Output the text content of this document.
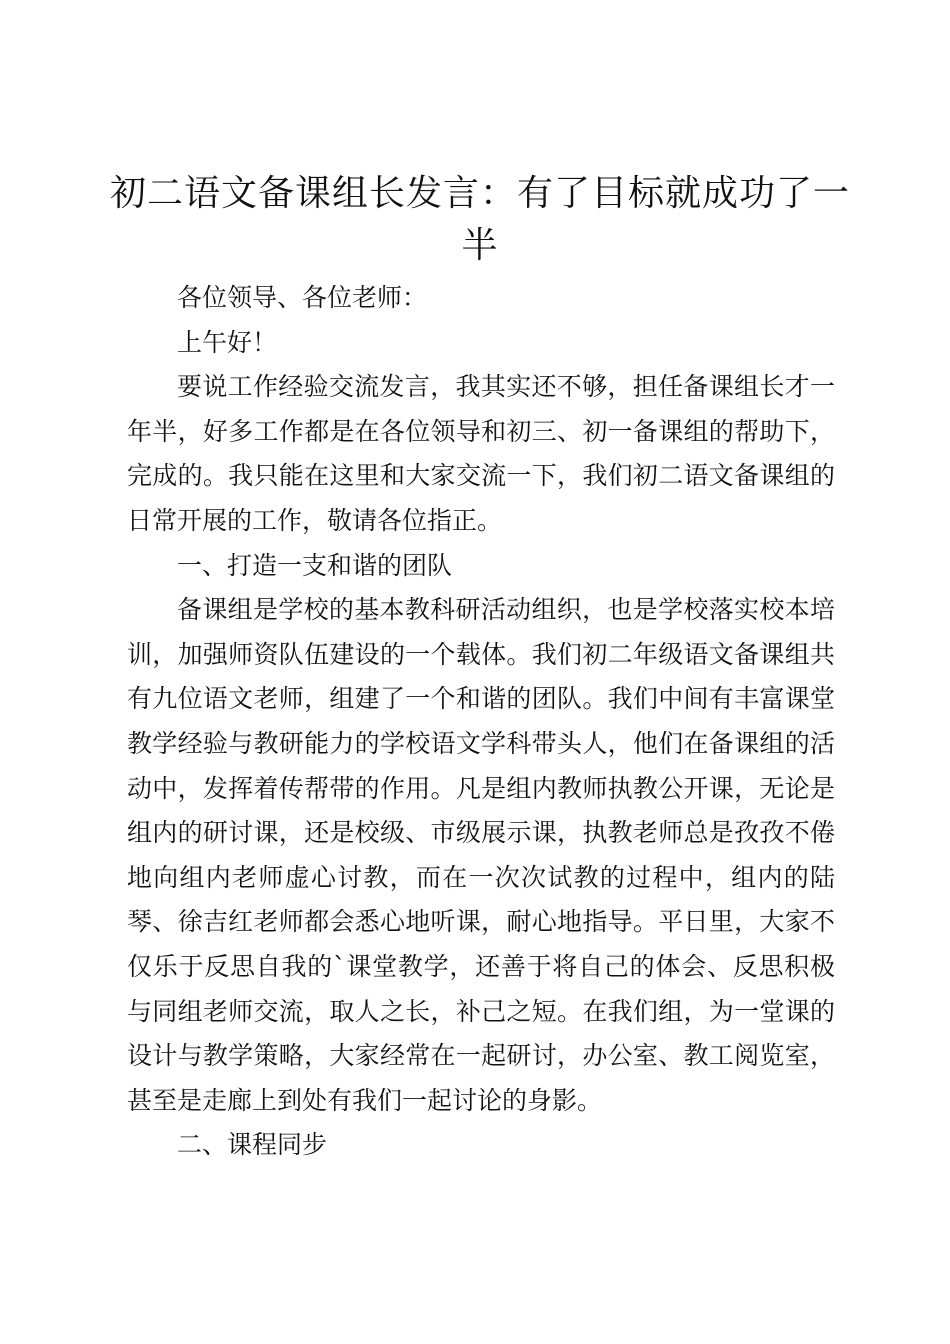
初二语文备课组长发言：有了目标就成功了一半

各位领导、各位老师：

上午好！

要说工作经验交流发言，我其实还不够，担任备课组长才一年半，好多工作都是在各位领导和初三、初一备课组的帮助下，完成的。我只能在这里和大家交流一下，我们初二语文备课组的日常开展的工作，敬请各位指正。

一、打造一支和谐的团队

备课组是学校的基本教科研活动组织，也是学校落实校本培训，加强师资队伍建设的一个载体。我们初二年级语文备课组共有九位语文老师，组建了一个和谐的团队。我们中间有丰富课堂教学经验与教研能力的学校语文学科带头人，他们在备课组的活动中，发挥着传帮带的作用。凡是组内教师执教公开课，无论是组内的研讨课，还是校级、市级展示课，执教老师总是孜孜不倦地向组内老师虚心讨教，而在一次次试教的过程中，组内的陆琴、徐吉红老师都会悉心地听课，耐心地指导。平日里，大家不仅乐于反思自我的`课堂教学，还善于将自己的体会、反思积极与同组老师交流，取人之长，补己之短。在我们组，为一堂课的设计与教学策略，大家经常在一起研讨，办公室、教工阅览室，甚至是走廊上到处有我们一起讨论的身影。

二、课程同步
